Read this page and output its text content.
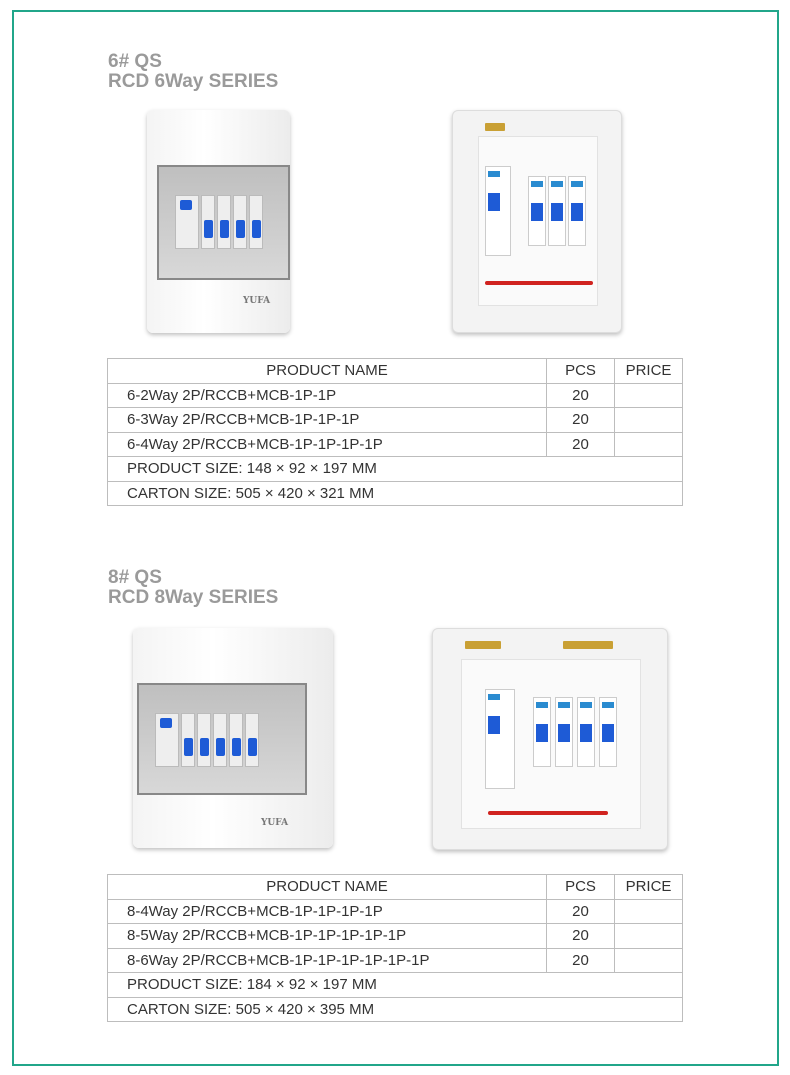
6# QS
RCD 6Way SERIES
YUFA
PRODUCT NAME	PCS	PRICE
6-2Way 2P/RCCB+MCB-1P-1P	20	
6-3Way 2P/RCCB+MCB-1P-1P-1P	20	
6-4Way 2P/RCCB+MCB-1P-1P-1P-1P	20	
PRODUCT SIZE: 148 × 92 × 197 MM		
CARTON SIZE: 505 × 420 × 321 MM		
8# QS
RCD 8Way SERIES
YUFA
PRODUCT NAME	PCS	PRICE
8-4Way 2P/RCCB+MCB-1P-1P-1P-1P	20	
8-5Way 2P/RCCB+MCB-1P-1P-1P-1P-1P	20	
8-6Way 2P/RCCB+MCB-1P-1P-1P-1P-1P-1P	20	
PRODUCT SIZE: 184 × 92 × 197 MM		
CARTON SIZE: 505 × 420 × 395 MM		
